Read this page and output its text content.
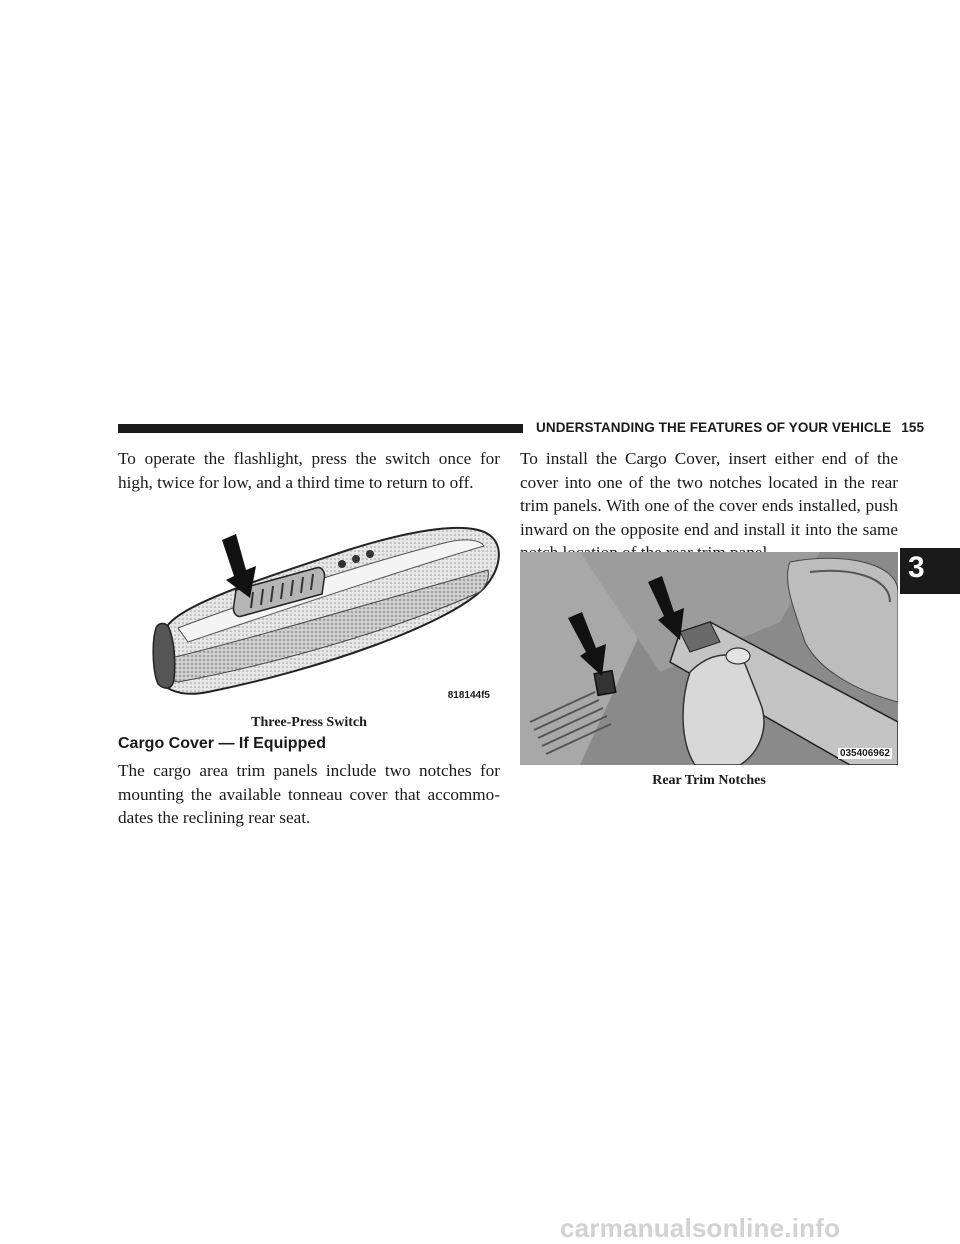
UNDERSTANDING THE FEATURES OF YOUR VEHICLE 155
3

To operate the flashlight, press the switch once for high, twice for low, and a third time to return to off.

818144f5

Three-Press Switch

Cargo Cover — If Equipped

The cargo area trim panels include two notches for mounting the available tonneau cover that accommo-dates the reclining rear seat.

To install the Cargo Cover, insert either end of the cover into one of the two notches located in the rear trim panels. With one of the cover ends installed, push inward on the opposite end and install it into the same

035406962

Rear Trim Notches

carmanualsonline.info
